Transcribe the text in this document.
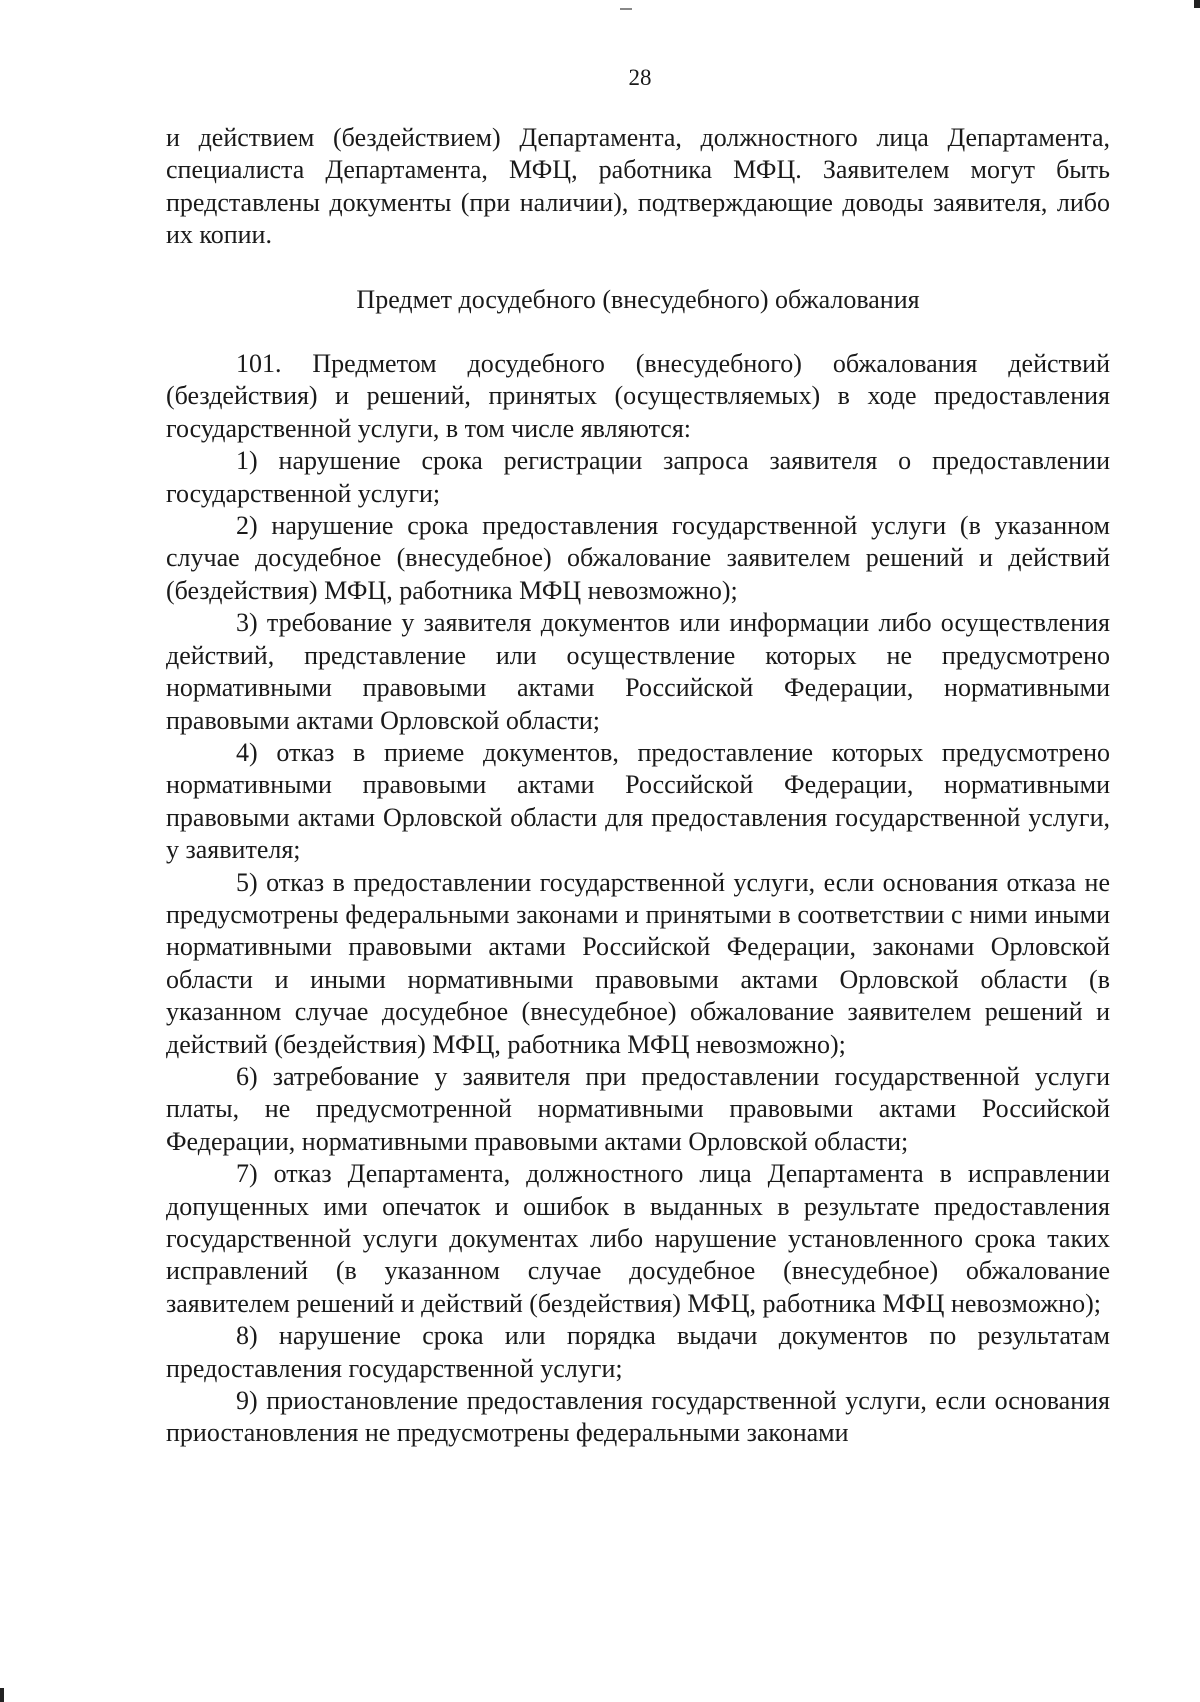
28

и действием (бездействием) Департамента, должностного лица Департамента, специалиста Департамента, МФЦ, работника МФЦ. Заявителем могут быть представлены документы (при наличии), подтверждающие доводы заявителя, либо их копии.

Предмет досудебного (внесудебного) обжалования

101. Предметом досудебного (внесудебного) обжалования действий (бездействия) и решений, принятых (осуществляемых) в ходе предоставления государственной услуги, в том числе являются:

1) нарушение срока регистрации запроса заявителя о предоставлении государственной услуги;

2) нарушение срока предоставления государственной услуги (в указанном случае досудебное (внесудебное) обжалование заявителем решений и действий (бездействия) МФЦ, работника МФЦ невозможно);

3) требование у заявителя документов или информации либо осуществления действий, представление или осуществление которых не предусмотрено нормативными правовыми актами Российской Федерации, нормативными правовыми актами Орловской области;

4) отказ в приеме документов, предоставление которых предусмотрено нормативными правовыми актами Российской Федерации, нормативными правовыми актами Орловской области для предоставления государственной услуги, у заявителя;

5) отказ в предоставлении государственной услуги, если основания отказа не предусмотрены федеральными законами и принятыми в соответствии с ними иными нормативными правовыми актами Российской Федерации, законами Орловской области и иными нормативными правовыми актами Орловской области (в указанном случае досудебное (внесудебное) обжалование заявителем решений и действий (бездействия) МФЦ, работника МФЦ невозможно);

6) затребование у заявителя при предоставлении государственной услуги платы, не предусмотренной нормативными правовыми актами Российской Федерации, нормативными правовыми актами Орловской области;

7) отказ Департамента, должностного лица Департамента в исправлении допущенных ими опечаток и ошибок в выданных в результате предоставления государственной услуги документах либо нарушение установленного срока таких исправлений (в указанном случае досудебное (внесудебное) обжалование заявителем решений и действий (бездействия) МФЦ, работника МФЦ невозможно);

8) нарушение срока или порядка выдачи документов по результатам предоставления государственной услуги;

9) приостановление предоставления государственной услуги, если основания приостановления не предусмотрены федеральными законами
